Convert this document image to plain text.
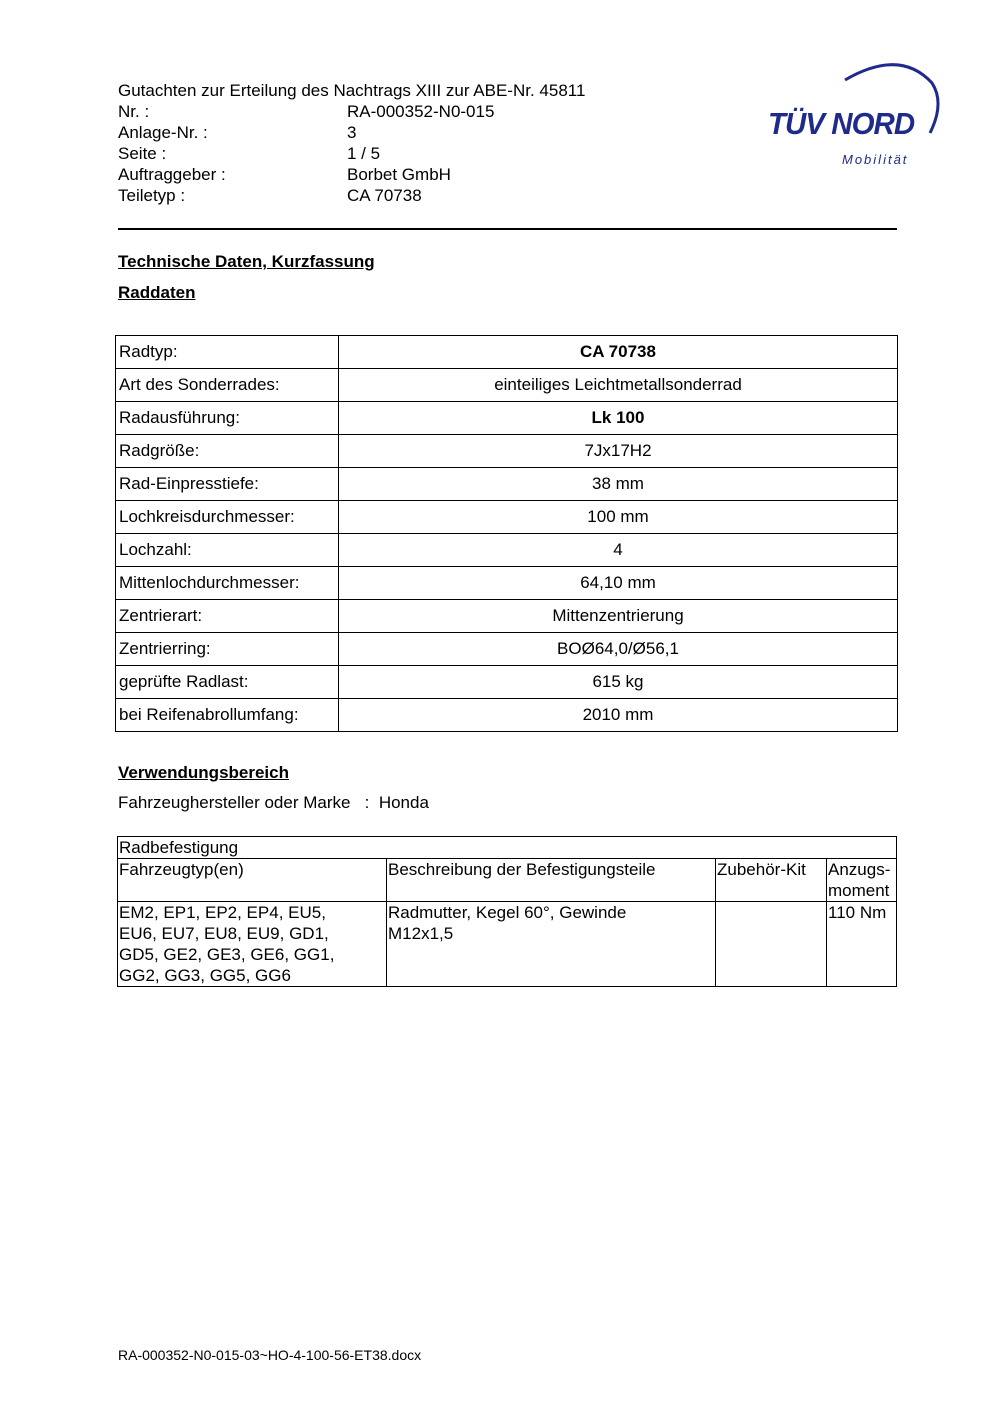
Gutachten zur Erteilung des Nachtrags XIII zur ABE-Nr. 45811
Nr. :	RA-000352-N0-015
Anlage-Nr. :	3
Seite :	1 / 5
Auftraggeber :	Borbet GmbH
Teiletyp :	CA 70738
TÜV NORD
Mobilität
Technische Daten, Kurzfassung
Raddaten
Radtyp:	CA 70738
Art des Sonderrades:	einteiliges Leichtmetallsonderrad
Radausführung:	Lk 100
Radgröße:	7Jx17H2
Rad-Einpresstiefe:	38 mm
Lochkreisdurchmesser:	100 mm
Lochzahl:	4
Mittenlochdurchmesser:	64,10 mm
Zentrierart:	Mittenzentrierung
Zentrierring:	BOØ64,0/Ø56,1
geprüfte Radlast:	615 kg
bei Reifenabrollumfang:	2010 mm
Verwendungsbereich
Fahrzeughersteller oder Marke : Honda
Radbefestigung			
Fahrzeugtyp(en)	Beschreibung der Befestigungsteile	Zubehör-Kit	Anzugs-
moment
EM2, EP1, EP2, EP4, EU5,
EU6, EU7, EU8, EU9, GD1,
GD5, GE2, GE3, GE6, GG1,
GG2, GG3, GG5, GG6	Radmutter, Kegel 60°, Gewinde
M12x1,5		110 Nm
RA-000352-N0-015-03~HO-4-100-56-ET38.docx
